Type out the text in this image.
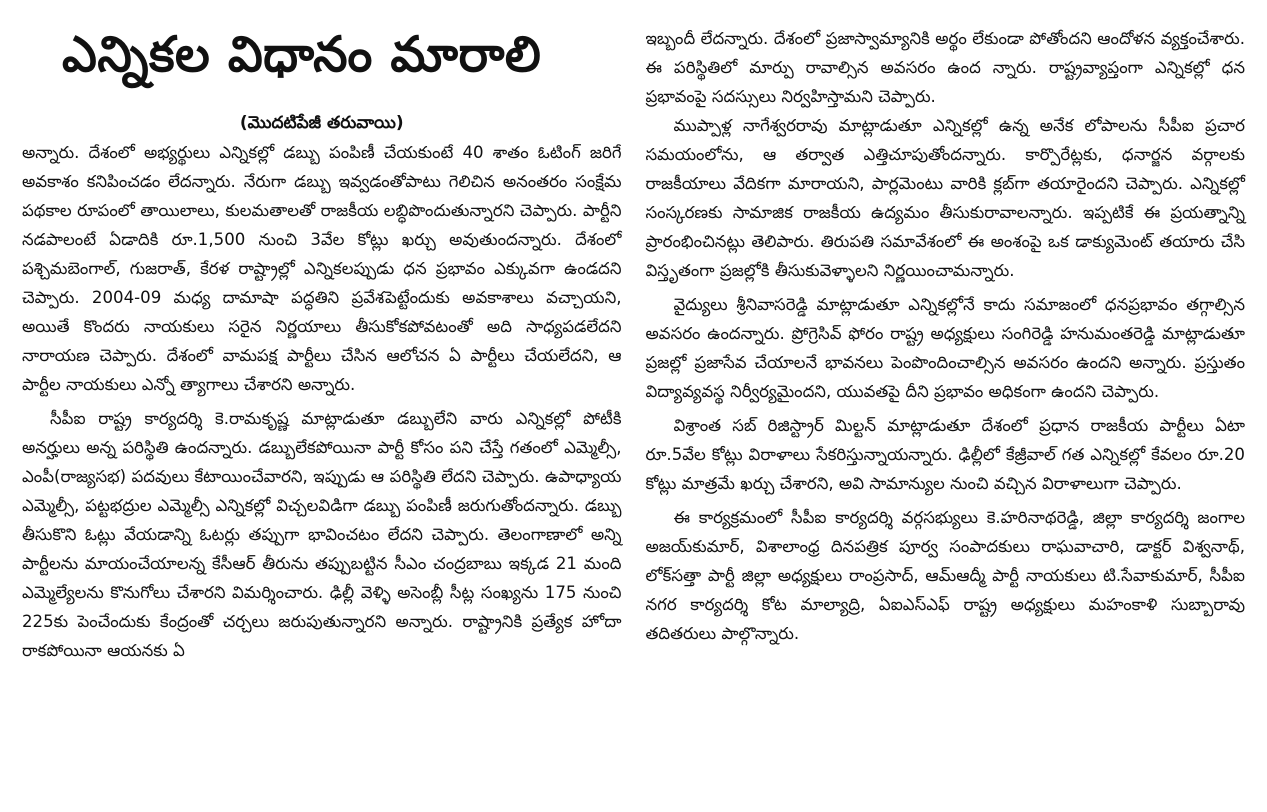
ఎన్నికల విధానం మారాలి
(మొదటిపేజీ తరువాయి)

అన్నారు. దేశంలో అభ్యర్థులు ఎన్నికల్లో డబ్బు పంపిణీ చేయకుంటే 40 శాతం ఓటింగ్ జరిగే అవకాశం కనిపించడం లేదన్నారు. నేరుగా డబ్బు ఇవ్వడంతోపాటు గెలిచిన అనంతరం సంక్షేమ పథకాల రూపంలో తాయిలాలు, కులమతాలతో రాజకీయ లబ్ధిపొందుతున్నారని చెప్పారు. పార్టీని నడపాలంటే ఏడాదికి రూ.1,500 నుంచి 3వేల కోట్లు ఖర్చు అవుతుందన్నారు. దేశంలో పశ్చిమబెంగాల్, గుజరాత్, కేరళ రాష్ట్రాల్లో ఎన్నికలప్పుడు ధన ప్రభావం ఎక్కువగా ఉండదని చెప్పారు. 2004-09 మధ్య దామాషా పద్ధతిని ప్రవేశపెట్టేందుకు అవకాశాలు వచ్చాయని, అయితే కొందరు నాయకులు సరైన నిర్ణయాలు తీసుకోకపోవటంతో అది సాధ్యపడలేదని నారాయణ చెప్పారు. దేశంలో వామపక్ష పార్టీలు చేసిన ఆలోచన ఏ పార్టీలు చేయలేదని, ఆ పార్టీల నాయకులు ఎన్నో త్యాగాలు చేశారని అన్నారు.

సీపీఐ రాష్ట్ర కార్యదర్శి కె.రామకృష్ణ మాట్లాడుతూ డబ్బులేని వారు ఎన్నికల్లో పోటీకి అనర్హులు అన్న పరిస్థితి ఉందన్నారు. డబ్బులేకపోయినా పార్టీ కోసం పని చేస్తే గతంలో ఎమ్మెల్సీ, ఎంపీ(రాజ్యసభ) పదవులు కేటాయించేవారని, ఇప్పుడు ఆ పరిస్థితి లేదని చెప్పారు. ఉపాధ్యాయ ఎమ్మెల్సీ, పట్టభద్రుల ఎమ్మెల్సీ ఎన్నికల్లో విచ్చలవిడిగా డబ్బు పంపిణీ జరుగుతోందన్నారు. డబ్బు తీసుకొని ఓట్లు వేయడాన్ని ఓటర్లు తప్పుగా భావించటం లేదని చెప్పారు. తెలంగాణాలో అన్ని పార్టీలను మాయంచేయాలన్న కేసీఆర్ తీరును తప్పుబట్టిన సీఎం చంద్రబాబు ఇక్కడ 21 మంది ఎమ్మెల్యేలను కొనుగోలు చేశారని విమర్శించారు. ఢిల్లీ వెళ్ళి అసెంబ్లీ సీట్ల సంఖ్యను 175 నుంచి 225కు పెంచేందుకు కేంద్రంతో చర్చలు జరుపుతున్నారని అన్నారు. రాష్ట్రానికి ప్రత్యేక హోదా రాకపోయినా ఆయనకు ఏ

ఇబ్బందీ లేదన్నారు. దేశంలో ప్రజాస్వామ్యానికి అర్థం లేకుండా పోతోందని ఆందోళన వ్యక్తంచేశారు. ఈ పరిస్థితిలో మార్పు రావాల్సిన అవసరం ఉంద న్నారు. రాష్ట్రవ్యాప్తంగా ఎన్నికల్లో ధన ప్రభావంపై సదస్సులు నిర్వహిస్తామని చెప్పారు.

ముప్పాళ్ల నాగేశ్వరరావు మాట్లాడుతూ ఎన్నికల్లో ఉన్న అనేక లోపాలను సీపీఐ ప్రచార సమయంలోను, ఆ తర్వాత ఎత్తిచూపుతోందన్నారు. కార్పొరేట్లకు, ధనార్జన వర్గాలకు రాజకీయాలు వేదికగా మారాయని, పార్లమెంటు వారికి క్లబ్‌గా తయారైందని చెప్పారు. ఎన్నికల్లో సంస్కరణకు సామాజిక రాజకీయ ఉద్యమం తీసుకురావాలన్నారు. ఇప్పటికే ఈ ప్రయత్నాన్ని ప్రారంభించినట్లు తెలిపారు. తిరుపతి సమావేశంలో ఈ అంశంపై ఒక డాక్యుమెంట్ తయారు చేసి విస్తృతంగా ప్రజల్లోకి తీసుకువెళ్ళాలని నిర్ణయించామన్నారు.

వైద్యులు శ్రీనివాసరెడ్డి మాట్లాడుతూ ఎన్నికల్లోనే కాదు సమాజంలో ధనప్రభావం తగ్గాల్సిన అవసరం ఉందన్నారు. ప్రోగ్రెసివ్ ఫోరం రాష్ట్ర అధ్యక్షులు సంగిరెడ్డి హనుమంతరెడ్డి మాట్లాడుతూ ప్రజల్లో ప్రజాసేవ చేయాలనే భావనలు పెంపొందించాల్సిన అవసరం ఉందని అన్నారు. ప్రస్తుతం విద్యావ్యవస్థ నిర్వీర్యమైందని, యువతపై దీని ప్రభావం అధికంగా ఉందని చెప్పారు.

విశ్రాంత సబ్ రిజిస్ట్రార్ మిల్టన్ మాట్లాడుతూ దేశంలో ప్రధాన రాజకీయ పార్టీలు ఏటా రూ.5వేల కోట్లు విరాళాలు సేకరిస్తున్నాయన్నారు. ఢిల్లీలో కేజ్రీవాల్ గత ఎన్నికల్లో కేవలం రూ.20 కోట్లు మాత్రమే ఖర్చు చేశారని, అవి సామాన్యుల నుంచి వచ్చిన విరాళాలుగా చెప్పారు.

ఈ కార్యక్రమంలో సీపీఐ కార్యదర్శి వర్గసభ్యులు కె.హరినాథరెడ్డి, జిల్లా కార్యదర్శి జంగాల అజయ్‌కుమార్, విశాలాంధ్ర దినపత్రిక పూర్వ సంపాదకులు రాఘవాచారి, డాక్టర్ విశ్వనాథ్, లోక్‌సత్తా పార్టీ జిల్లా అధ్యక్షులు రాంప్రసాద్, ఆమ్‌ఆద్మీ పార్టీ నాయకులు టి.సేవాకుమార్, సీపీఐ నగర కార్యదర్శి కోట మాల్యాద్రి, ఏఐఎస్ఎఫ్ రాష్ట్ర అధ్యక్షులు మహంకాళి సుబ్బారావు తదితరులు పాల్గొన్నారు.
